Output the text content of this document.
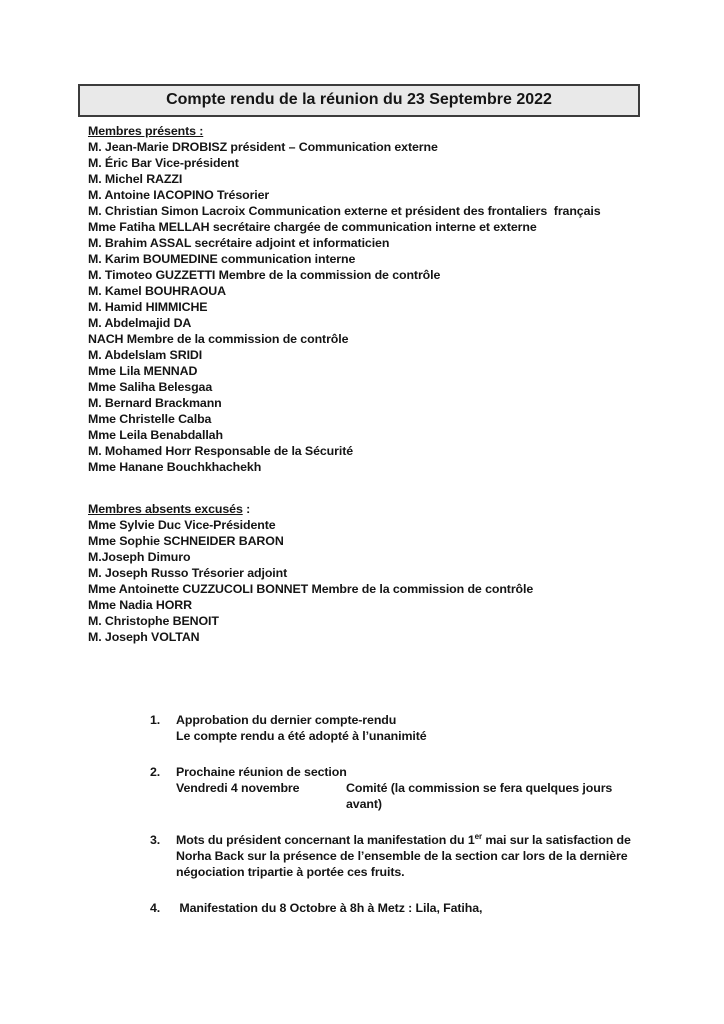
Compte rendu de la réunion du 23 Septembre 2022
Membres présents :
M. Jean-Marie DROBISZ président – Communication externe
M. Éric Bar Vice-président
M. Michel RAZZI
M. Antoine IACOPINO Trésorier
M. Christian Simon Lacroix Communication externe et président des frontaliers  français
Mme Fatiha MELLAH secrétaire chargée de communication interne et externe
M. Brahim ASSAL secrétaire adjoint et informaticien
M. Karim BOUMEDINE communication interne
M. Timoteo GUZZETTI Membre de la commission de contrôle
M. Kamel BOUHRAOUA
M. Hamid HIMMICHE
M. Abdelmajid DA
NACH Membre de la commission de contrôle
M. Abdelslam SRIDI
Mme Lila MENNAD
Mme Saliha Belesgaa
M. Bernard Brackmann
Mme Christelle Calba
Mme Leila Benabdallah
M. Mohamed Horr Responsable de la Sécurité
Mme Hanane Bouchkhachekh
Membres absents excusés :
Mme Sylvie Duc Vice-Présidente
Mme Sophie SCHNEIDER BARON
M.Joseph Dimuro
M. Joseph Russo Trésorier adjoint
Mme Antoinette CUZZUCOLI BONNET Membre de la commission de contrôle
Mme Nadia HORR
M. Christophe BENOIT
M. Joseph VOLTAN
1.	Approbation du dernier compte-rendu
Le compte rendu a été adopté à l’unanimité
2.	Prochaine réunion de section
Vendredi 4 novembre	Comité (la commission se fera quelques jours avant)
3.	Mots du président concernant la manifestation du 1er mai sur la satisfaction de Norha Back sur la présence de l’ensemble de la section car lors de la dernière négociation tripartie à portée ces fruits.
4.	Manifestation du 8 Octobre à 8h à Metz : Lila, Fatiha,
